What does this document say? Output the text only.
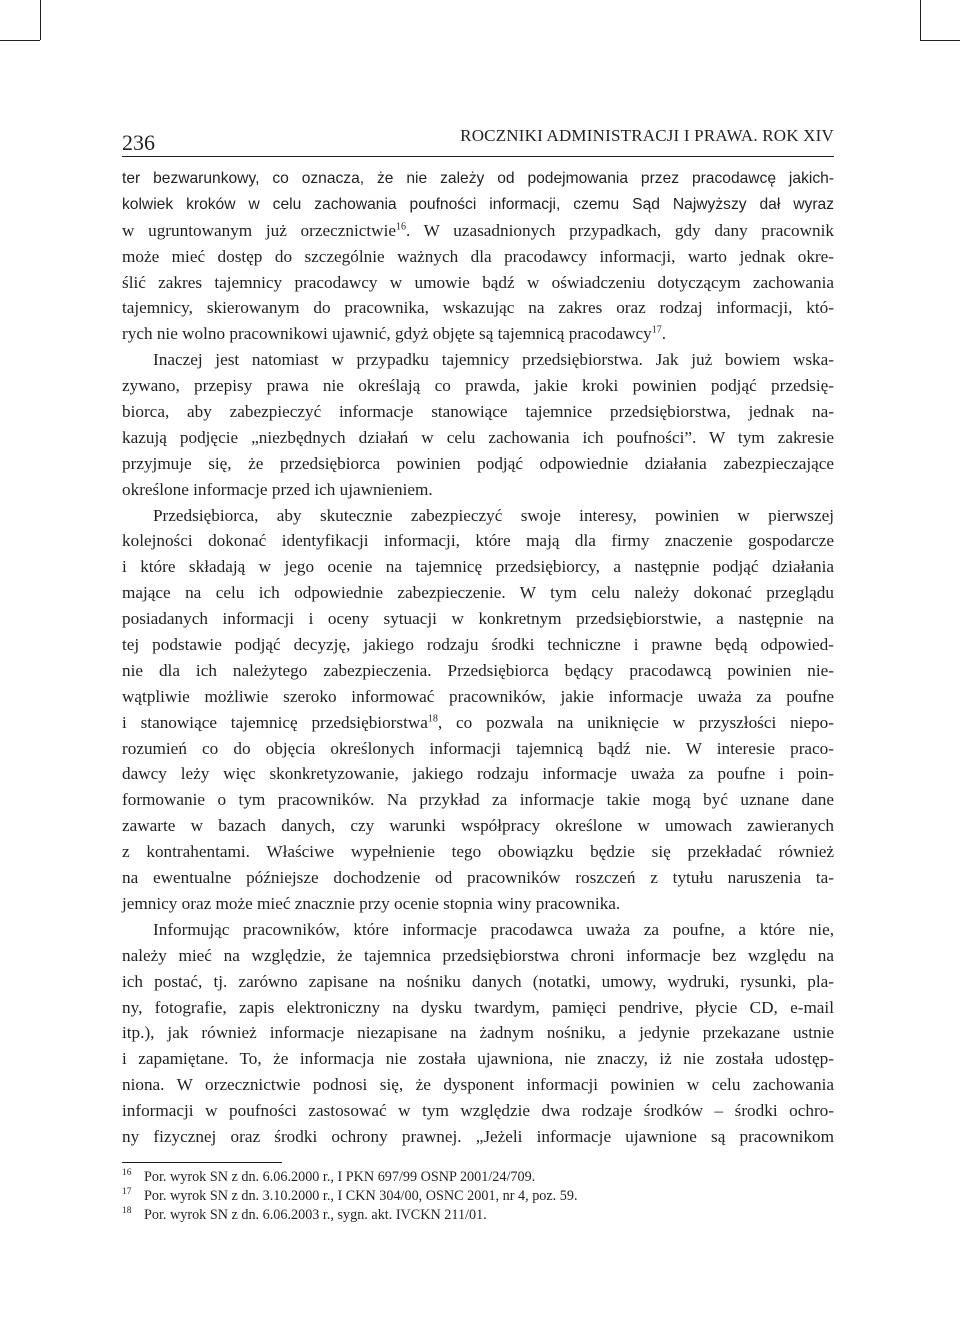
236	ROCZNIKI ADMINISTRACJI I PRAWA. ROK XIV
ter bezwarunkowy, co oznacza, że nie zależy od podejmowania przez pracodawcę jakich-
kolwiek kroków w celu zachowania poufności informacji, czemu Sąd Najwyższy dał wyraz
w ugruntowanym już orzecznictwie$^{16}$. W uzasadnionych przypadkach, gdy dany pracownik
może mieć dostęp do szczególnie ważnych dla pracodawcy informacji, warto jednak okre-
ślić zakres tajemnicy pracodawcy w umowie bądź w oświadczeniu dotyczącym zachowania
tajemnicy, skierowanym do pracownika, wskazując na zakres oraz rodzaj informacji, któ-
rych nie wolno pracownikowi ujawnić, gdyż objęte są tajemnicą pracodawcy$^{17}$.
Inaczej jest natomiast w przypadku tajemnicy przedsiębiorstwa. Jak już bowiem wska-
zywano, przepisy prawa nie określają co prawda, jakie kroki powinien podjąć przedsię-
biorca, aby zabezpieczyć informacje stanowiące tajemnice przedsiębiorstwa, jednak na-
kazują podjęcie „niezbędnych działań w celu zachowania ich poufności”. W tym zakresie
przyjmuje się, że przedsiębiorca powinien podjąć odpowiednie działania zabezpieczające
określone informacje przed ich ujawnieniem.
Przedsiębiorca, aby skutecznie zabezpieczyć swoje interesy, powinien w pierwszej
kolejności dokonać identyfikacji informacji, które mają dla firmy znaczenie gospodarcze
i które składają w jego ocenie na tajemnicę przedsiębiorcy, a następnie podjąć działania
mające na celu ich odpowiednie zabezpieczenie. W tym celu należy dokonać przeglądu
posiadanych informacji i oceny sytuacji w konkretnym przedsiębiorstwie, a następnie na
tej podstawie podjąć decyzję, jakiego rodzaju środki techniczne i prawne będą odpowied-
nie dla ich należytego zabezpieczenia. Przedsiębiorca będący pracodawcą powinien nie-
wątpliwie możliwie szeroko informować pracowników, jakie informacje uważa za poufne
i stanowiące tajemnicę przedsiębiorstwa$^{18}$, co pozwala na uniknięcie w przyszłości niepo-
rozumień co do objęcia określonych informacji tajemnicą bądź nie. W interesie praco-
dawcy leży więc skonkretyzowanie, jakiego rodzaju informacje uważa za poufne i poin-
formowanie o tym pracowników. Na przykład za informacje takie mogą być uznane dane
zawarte w bazach danych, czy warunki współpracy określone w umowach zawieranych
z kontrahentami. Właściwe wypełnienie tego obowiązku będzie się przekładać również
na ewentualne późniejsze dochodzenie od pracowników roszczeń z tytułu naruszenia ta-
jemnicy oraz może mieć znacznie przy ocenie stopnia winy pracownika.
Informując pracowników, które informacje pracodawca uważa za poufne, a które nie,
należy mieć na względzie, że tajemnica przedsiębiorstwa chroni informacje bez względu na
ich postać, tj. zarówno zapisane na nośniku danych (notatki, umowy, wydruki, rysunki, pla-
ny, fotografie, zapis elektroniczny na dysku twardym, pamięci pendrive, płycie CD, e-mail
itp.), jak również informacje niezapisane na żadnym nośniku, a jedynie przekazane ustnie
i zapamiętane. To, że informacja nie została ujawniona, nie znaczy, iż nie została udostęp-
niona. W orzecznictwie podnosi się, że dysponent informacji powinien w celu zachowania
informacji w poufności zastosować w tym względzie dwa rodzaje środków – środki ochro-
ny fizycznej oraz środki ochrony prawnej. „Jeżeli informacje ujawnione są pracownikom
16 Por. wyrok SN z dn. 6.06.2000 r., I PKN 697/99 OSNP 2001/24/709.
17 Por. wyrok SN z dn. 3.10.2000 r., I CKN 304/00, OSNC 2001, nr 4, poz. 59.
18 Por. wyrok SN z dn. 6.06.2003 r., sygn. akt. IVCKN 211/01.
